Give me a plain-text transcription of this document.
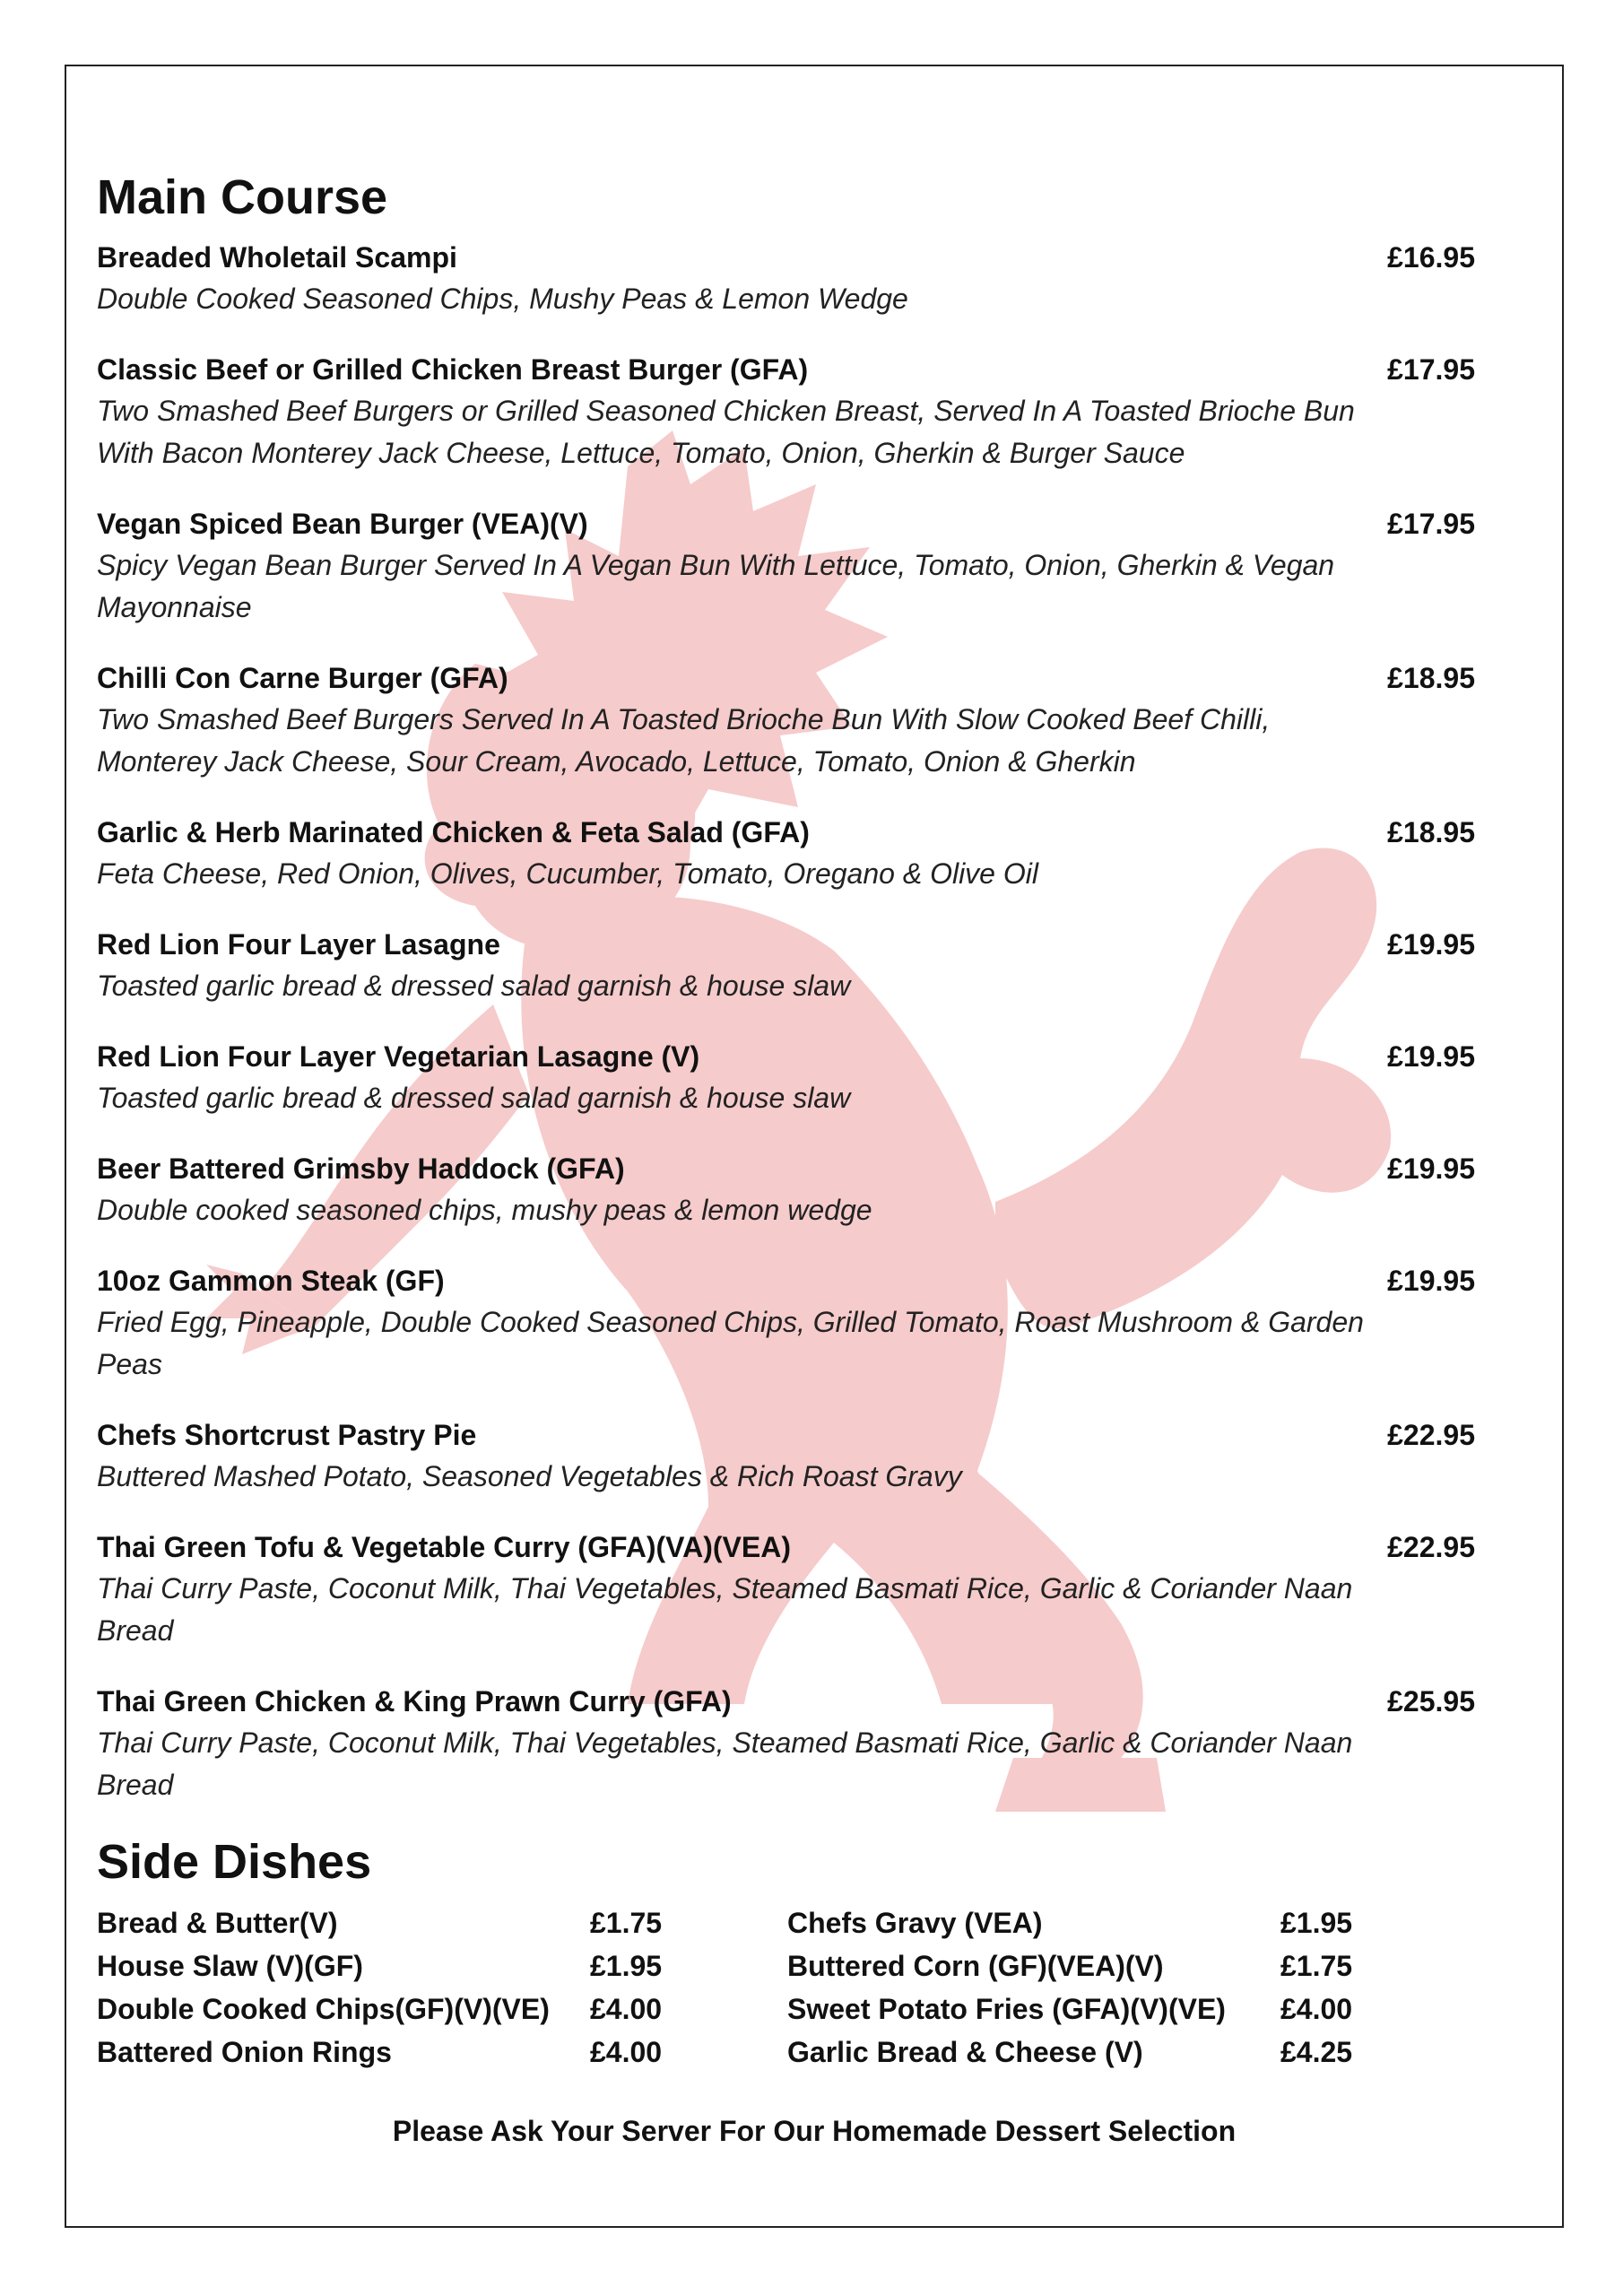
Main Course
Breaded Wholetail Scampi	£16.95
Double Cooked Seasoned Chips, Mushy Peas & Lemon Wedge
Classic Beef or Grilled Chicken Breast Burger (GFA)	£17.95
Two Smashed Beef Burgers or Grilled Seasoned Chicken Breast, Served In A Toasted Brioche Bun With Bacon Monterey Jack Cheese, Lettuce, Tomato, Onion, Gherkin & Burger Sauce
Vegan Spiced Bean Burger (VEA)(V)	£17.95
Spicy Vegan Bean Burger Served In A Vegan Bun With Lettuce, Tomato, Onion, Gherkin & Vegan Mayonnaise
Chilli Con Carne Burger (GFA)	£18.95
Two Smashed Beef Burgers Served In A Toasted Brioche Bun With Slow Cooked Beef Chilli, Monterey Jack Cheese, Sour Cream, Avocado, Lettuce, Tomato, Onion & Gherkin
Garlic & Herb Marinated Chicken & Feta Salad (GFA)	£18.95
Feta Cheese, Red Onion, Olives, Cucumber, Tomato, Oregano & Olive Oil
Red Lion Four Layer Lasagne	£19.95
Toasted garlic bread & dressed salad garnish & house slaw
Red Lion Four Layer Vegetarian Lasagne (V)	£19.95
Toasted garlic bread & dressed salad garnish & house slaw
Beer Battered Grimsby Haddock (GFA)	£19.95
Double cooked seasoned chips, mushy peas & lemon wedge
10oz Gammon Steak (GF)	£19.95
Fried Egg, Pineapple, Double Cooked Seasoned Chips, Grilled Tomato, Roast Mushroom & Garden Peas
Chefs Shortcrust Pastry Pie	£22.95
Buttered Mashed Potato, Seasoned Vegetables & Rich Roast Gravy
Thai Green Tofu & Vegetable Curry (GFA)(VA)(VEA)	£22.95
Thai Curry Paste, Coconut Milk, Thai Vegetables, Steamed Basmati Rice, Garlic & Coriander Naan Bread
Thai Green Chicken & King Prawn Curry (GFA)	£25.95
Thai Curry Paste, Coconut Milk, Thai Vegetables, Steamed Basmati Rice, Garlic & Coriander Naan Bread
Side Dishes
Bread & Butter(V)	£1.75
House Slaw (V)(GF)	£1.95
Double Cooked Chips(GF)(V)(VE)	£4.00
Battered Onion Rings	£4.00
Chefs Gravy (VEA)	£1.95
Buttered Corn (GF)(VEA)(V)	£1.75
Sweet Potato Fries (GFA)(V)(VE)	£4.00
Garlic Bread & Cheese (V)	£4.25
Please Ask Your Server For Our Homemade Dessert Selection
